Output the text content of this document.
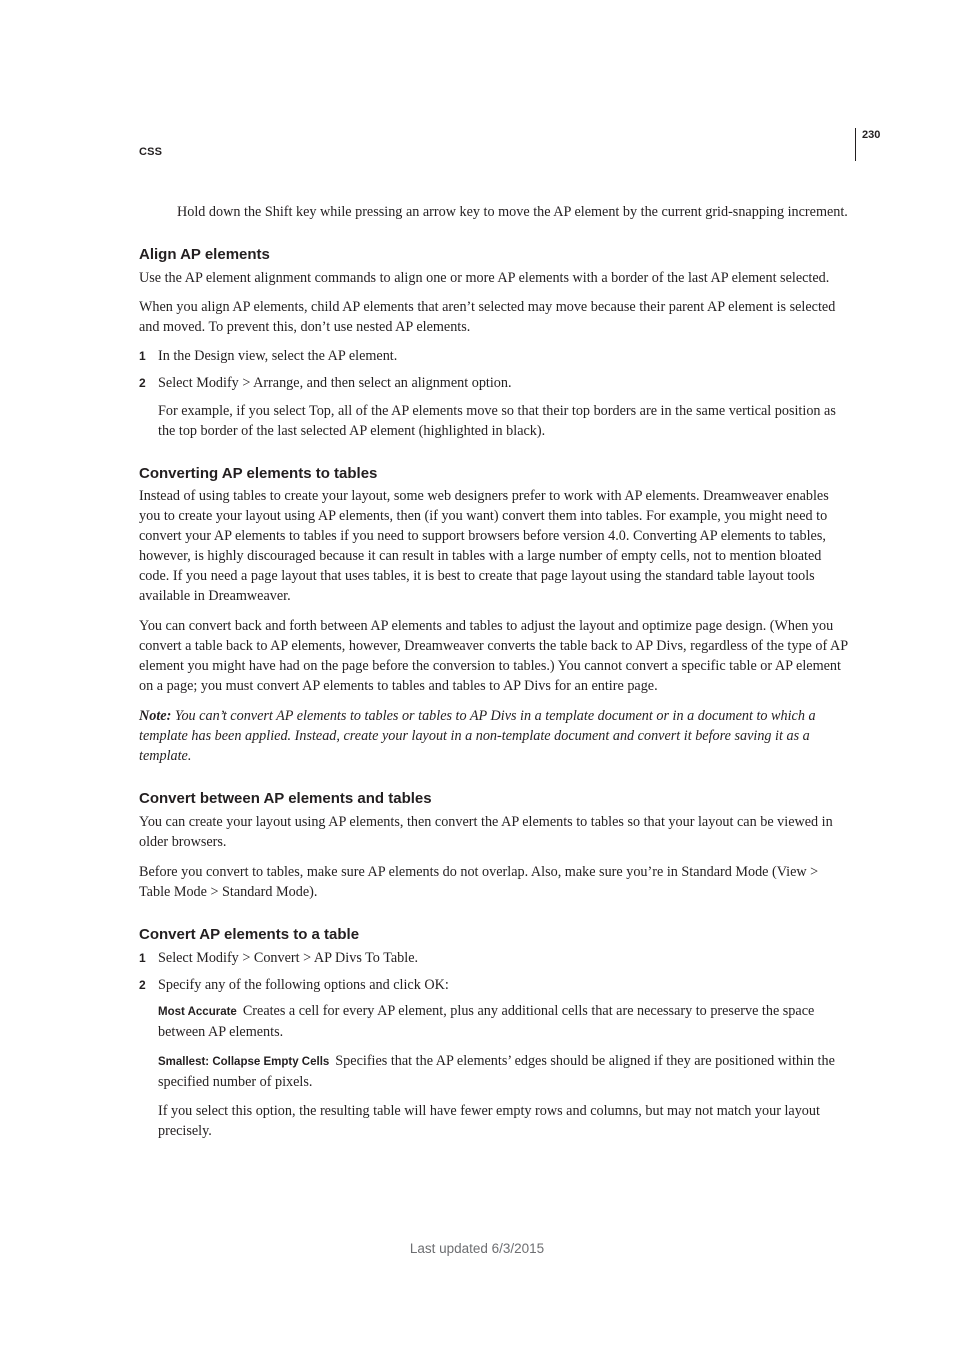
CSS
230

Hold down the Shift key while pressing an arrow key to move the AP element by the current grid-snapping increment.

Align AP elements

Use the AP element alignment commands to align one or more AP elements with a border of the last AP element selected.

When you align AP elements, child AP elements that aren’t selected may move because their parent AP element is selected and moved. To prevent this, don’t use nested AP elements.

1 In the Design view, select the AP element.
2 Select Modify > Arrange, and then select an alignment option.

For example, if you select Top, all of the AP elements move so that their top borders are in the same vertical position as the top border of the last selected AP element (highlighted in black).

Converting AP elements to tables

Instead of using tables to create your layout, some web designers prefer to work with AP elements. Dreamweaver enables you to create your layout using AP elements, then (if you want) convert them into tables. For example, you might need to convert your AP elements to tables if you need to support browsers before version 4.0. Converting AP elements to tables, however, is highly discouraged because it can result in tables with a large number of empty cells, not to mention bloated code. If you need a page layout that uses tables, it is best to create that page layout using the standard table layout tools available in Dreamweaver.

You can convert back and forth between AP elements and tables to adjust the layout and optimize page design. (When you convert a table back to AP elements, however, Dreamweaver converts the table back to AP Divs, regardless of the type of AP element you might have had on the page before the conversion to tables.) You cannot convert a specific table or AP element on a page; you must convert AP elements to tables and tables to AP Divs for an entire page.

Note: You can’t convert AP elements to tables or tables to AP Divs in a template document or in a document to which a template has been applied. Instead, create your layout in a non-template document and convert it before saving it as a template.

Convert between AP elements and tables

You can create your layout using AP elements, then convert the AP elements to tables so that your layout can be viewed in older browsers.

Before you convert to tables, make sure AP elements do not overlap. Also, make sure you’re in Standard Mode (View > Table Mode > Standard Mode).

Convert AP elements to a table
1 Select Modify > Convert > AP Divs To Table.
2 Specify any of the following options and click OK:

Most Accurate Creates a cell for every AP element, plus any additional cells that are necessary to preserve the space between AP elements.

Smallest: Collapse Empty Cells Specifies that the AP elements’ edges should be aligned if they are positioned within the specified number of pixels.

If you select this option, the resulting table will have fewer empty rows and columns, but may not match your layout precisely.

Last updated 6/3/2015
